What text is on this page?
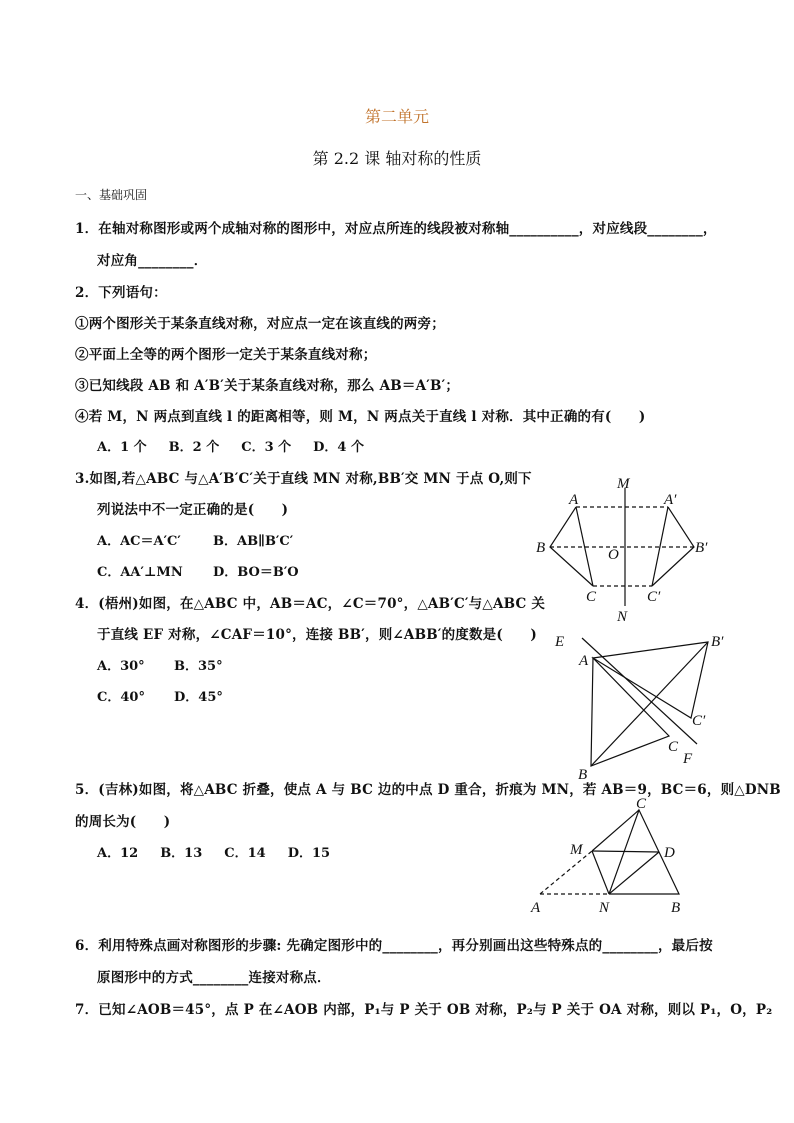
第二单元
第 2.2 课 轴对称的性质
一、基础巩固
1．在轴对称图形或两个成轴对称的图形中，对应点所连的线段被对称轴__________，对应线段________，
对应角________．
2．下列语句：
①两个图形关于某条直线对称，对应点一定在该直线的两旁；
②平面上全等的两个图形一定关于某条直线对称；
③已知线段 AB 和 A′B′关于某条直线对称，那么 AB＝A′B′；
④若 M，N 两点到直线 l 的距离相等，则 M，N 两点关于直线 l 对称．其中正确的有(　　)
A．1 个 B．2 个 C．3 个 D．4 个
3.如图,若△ABC 与△A′B′C′关于直线 MN 对称,BB′交 MN 于点 O,则下
列说法中不一定正确的是(　　)
A．AC＝A′C′ B．AB∥B′C′
C．AA′⊥MN D．BO＝B′O
M
N
A	A′
B	B′
C	C′
O
4．(梧州)如图，在△ABC 中，AB＝AC，∠C＝70°，△AB′C′与△ABC 关
于直线 EF 对称，∠CAF＝10°，连接 BB′，则∠ABB′的度数是(　　)
A．30° B．35°
C．40° D．45°
E
A
B
B′
C
C′
F
5．(吉林)如图，将△ABC 折叠，使点 A 与 BC 边的中点 D 重合，折痕为 MN，若 AB＝9，BC＝6，则△DNB
的周长为(　　)
A．12 B．13 C．14 D．15
C
M	D
A	N	B
6．利用特殊点画对称图形的步骤: 先确定图形中的________，再分别画出这些特殊点的________，最后按
原图形中的方式________连接对称点．
7．已知∠AOB＝45°，点 P 在∠AOB 内部，P₁与 P 关于 OB 对称，P₂与 P 关于 OA 对称，则以 P₁，O，P₂
